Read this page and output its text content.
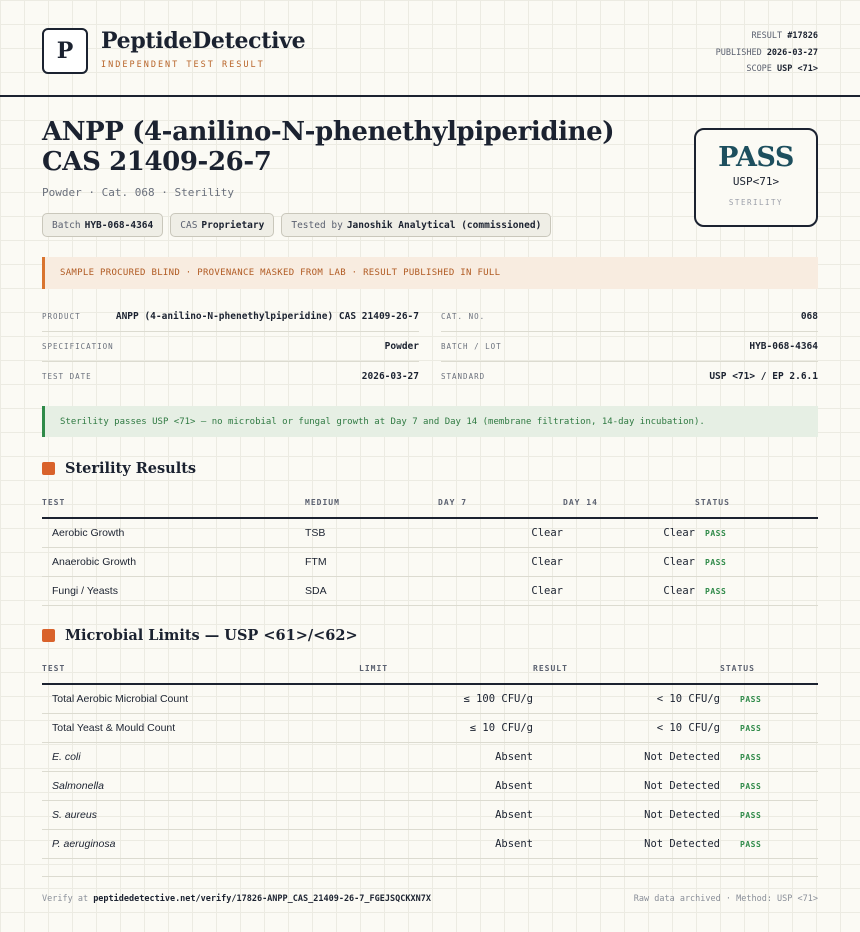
P PeptideDetective
INDEPENDENT TEST RESULT
RESULT #17826
PUBLISHED 2026-03-27
SCOPE USP <71>
ANPP (4-anilino-N-phenethylpiperidine) CAS 21409-26-7
Powder · Cat. 068 · Sterility
Batch HYB-068-4364	CAS Proprietary	Tested by Janoshik Analytical (commissioned)
PASS
USP<71>
STERILITY
SAMPLE PROCURED BLIND · PROVENANCE MASKED FROM LAB · RESULT PUBLISHED IN FULL
PRODUCT	ANPP (4-anilino-N-phenethylpiperidine) CAS 21409-26-7
SPECIFICATION	Powder
TEST DATE	2026-03-27
CAT. NO.	068
BATCH / LOT	HYB-068-4364
STANDARD	USP <71> / EP 2.6.1
Sterility passes USP <71> — no microbial or fungal growth at Day 7 and Day 14 (membrane filtration, 14-day incubation).
Sterility Results
TEST	MEDIUM	DAY 7	DAY 14	STATUS
Aerobic Growth	TSB	Clear	Clear	PASS
Anaerobic Growth	FTM	Clear	Clear	PASS
Fungi / Yeasts	SDA	Clear	Clear	PASS
Microbial Limits — USP <61>/<62>
TEST	LIMIT	RESULT	STATUS
Total Aerobic Microbial Count	≤ 100 CFU/g	< 10 CFU/g	PASS
Total Yeast & Mould Count	≤ 10 CFU/g	< 10 CFU/g	PASS
E. coli	Absent	Not Detected	PASS
Salmonella	Absent	Not Detected	PASS
S. aureus	Absent	Not Detected	PASS
P. aeruginosa	Absent	Not Detected	PASS
Verify at peptidedetective.net/verify/17826-ANPP_CAS_21409-26-7_FGEJSQCKXN7X	Raw data archived · Method: USP <71>
